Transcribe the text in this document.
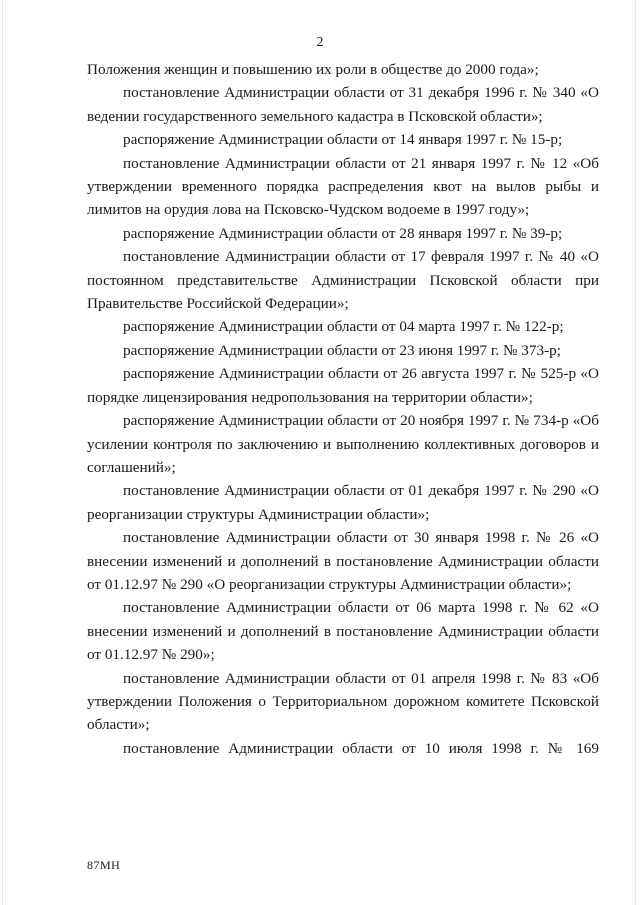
2

Положения женщин и повышению их роли в обществе до 2000 года»;

постановление Администрации области от 31 декабря 1996 г. № 340 «О ведении государственного земельного кадастра в Псковской области»;

распоряжение Администрации области от 14 января 1997 г. № 15-р;

постановление Администрации области от 21 января 1997 г. № 12 «Об утверждении временного порядка распределения квот на вылов рыбы и лимитов на орудия лова на Псковско-Чудском водоеме в 1997 году»;

распоряжение Администрации области от 28 января 1997 г. № 39-р;

постановление Администрации области от 17 февраля 1997 г. № 40 «О постоянном представительстве Администрации Псковской области при Правительстве Российской Федерации»;

распоряжение Администрации области от 04 марта 1997 г. № 122-р;

распоряжение Администрации области от 23 июня 1997 г. № 373-р;

распоряжение Администрации области от 26 августа 1997 г. № 525-р «О порядке лицензирования недропользования на территории области»;

распоряжение Администрации области от 20 ноября 1997 г. № 734-р «Об усилении контроля по заключению и выполнению коллективных договоров и соглашений»;

постановление Администрации области от 01 декабря 1997 г. № 290 «О реорганизации структуры Администрации области»;

постановление Администрации области от 30 января 1998 г. № 26 «О внесении изменений и дополнений в постановление Администрации области от 01.12.97 № 290 «О реорганизации структуры Администрации области»;

постановление Администрации области от 06 марта 1998 г. № 62 «О внесении изменений и дополнений в постановление Администрации области от 01.12.97 № 290»;

постановление Администрации области от 01 апреля 1998 г. № 83 «Об утверждении Положения о Территориальном дорожном комитете Псковской области»;

постановление Администрации области от 10 июля 1998 г. № 169

87МН
